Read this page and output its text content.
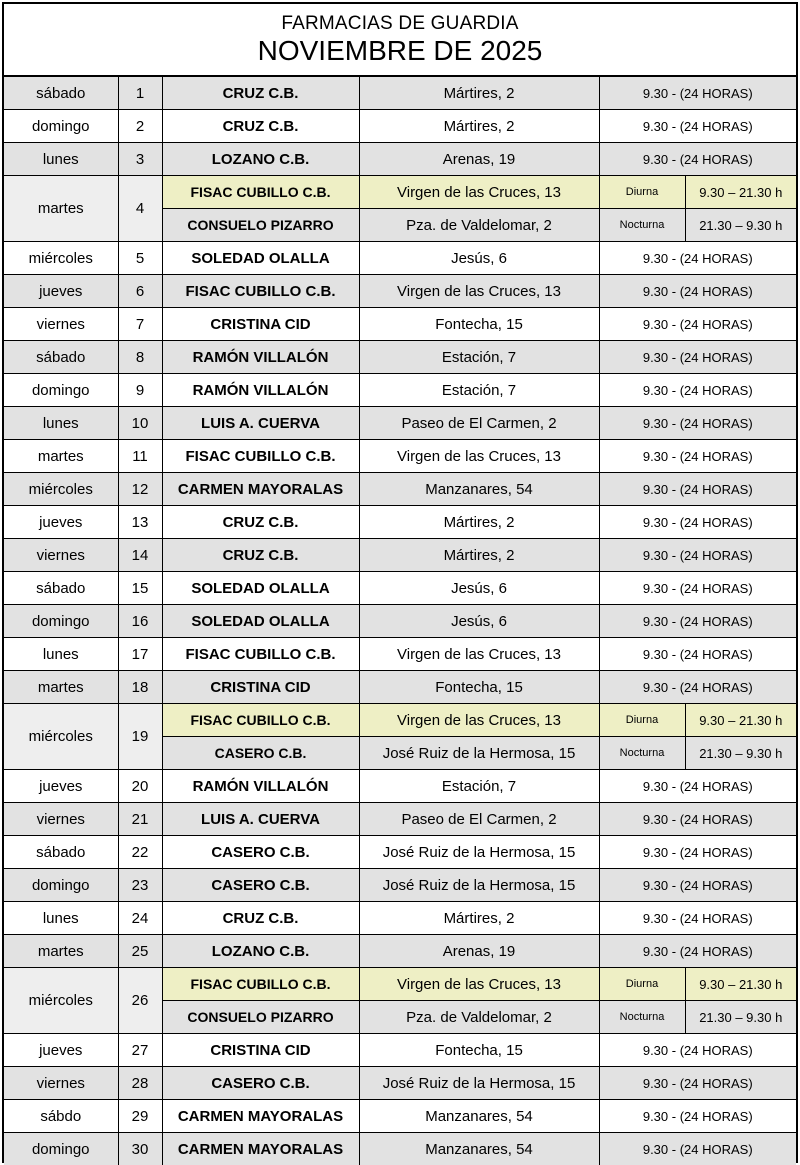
FARMACIAS DE GUARDIA
NOVIEMBRE DE 2025
sábado	1	CRUZ C.B.	Mártires, 2	9.30 - (24 HORAS)	
domingo	2	CRUZ C.B.	Mártires, 2	9.30 - (24 HORAS)	
lunes	3	LOZANO C.B.	Arenas, 19	9.30 - (24 HORAS)	
martes	4	FISAC CUBILLO C.B.	Virgen de las Cruces, 13	Diurna	9.30 – 21.30 h
		CONSUELO PIZARRO	Pza. de Valdelomar, 2	Nocturna	21.30 – 9.30 h
miércoles	5	SOLEDAD OLALLA	Jesús, 6	9.30 - (24 HORAS)	
jueves	6	FISAC CUBILLO C.B.	Virgen de las Cruces, 13	9.30 - (24 HORAS)	
viernes	7	CRISTINA CID	Fontecha, 15	9.30 - (24 HORAS)	
sábado	8	RAMÓN VILLALÓN	Estación, 7	9.30 - (24 HORAS)	
domingo	9	RAMÓN VILLALÓN	Estación, 7	9.30 - (24 HORAS)	
lunes	10	LUIS A. CUERVA	Paseo de El Carmen, 2	9.30 - (24 HORAS)	
martes	11	FISAC CUBILLO C.B.	Virgen de las Cruces, 13	9.30 - (24 HORAS)	
miércoles	12	CARMEN MAYORALAS	Manzanares, 54	9.30 - (24 HORAS)	
jueves	13	CRUZ C.B.	Mártires, 2	9.30 - (24 HORAS)	
viernes	14	CRUZ C.B.	Mártires, 2	9.30 - (24 HORAS)	
sábado	15	SOLEDAD OLALLA	Jesús, 6	9.30 - (24 HORAS)	
domingo	16	SOLEDAD OLALLA	Jesús, 6	9.30 - (24 HORAS)	
lunes	17	FISAC CUBILLO C.B.	Virgen de las Cruces, 13	9.30 - (24 HORAS)	
martes	18	CRISTINA CID	Fontecha, 15	9.30 - (24 HORAS)	
miércoles	19	FISAC CUBILLO C.B.	Virgen de las Cruces, 13	Diurna	9.30 – 21.30 h
		CASERO C.B.	José Ruiz de la Hermosa, 15	Nocturna	21.30 – 9.30 h
jueves	20	RAMÓN VILLALÓN	Estación, 7	9.30 - (24 HORAS)	
viernes	21	LUIS A. CUERVA	Paseo de El Carmen, 2	9.30 - (24 HORAS)	
sábado	22	CASERO C.B.	José Ruiz de la Hermosa, 15	9.30 - (24 HORAS)	
domingo	23	CASERO C.B.	José Ruiz de la Hermosa, 15	9.30 - (24 HORAS)	
lunes	24	CRUZ C.B.	Mártires, 2	9.30 - (24 HORAS)	
martes	25	LOZANO C.B.	Arenas, 19	9.30 - (24 HORAS)	
miércoles	26	FISAC CUBILLO C.B.	Virgen de las Cruces, 13	Diurna	9.30 – 21.30 h
		CONSUELO PIZARRO	Pza. de Valdelomar, 2	Nocturna	21.30 – 9.30 h
jueves	27	CRISTINA CID	Fontecha, 15	9.30 - (24 HORAS)	
viernes	28	CASERO C.B.	José Ruiz de la Hermosa, 15	9.30 - (24 HORAS)	
sábdo	29	CARMEN MAYORALAS	Manzanares, 54	9.30 - (24 HORAS)	
domingo	30	CARMEN MAYORALAS	Manzanares, 54	9.30 - (24 HORAS)	
